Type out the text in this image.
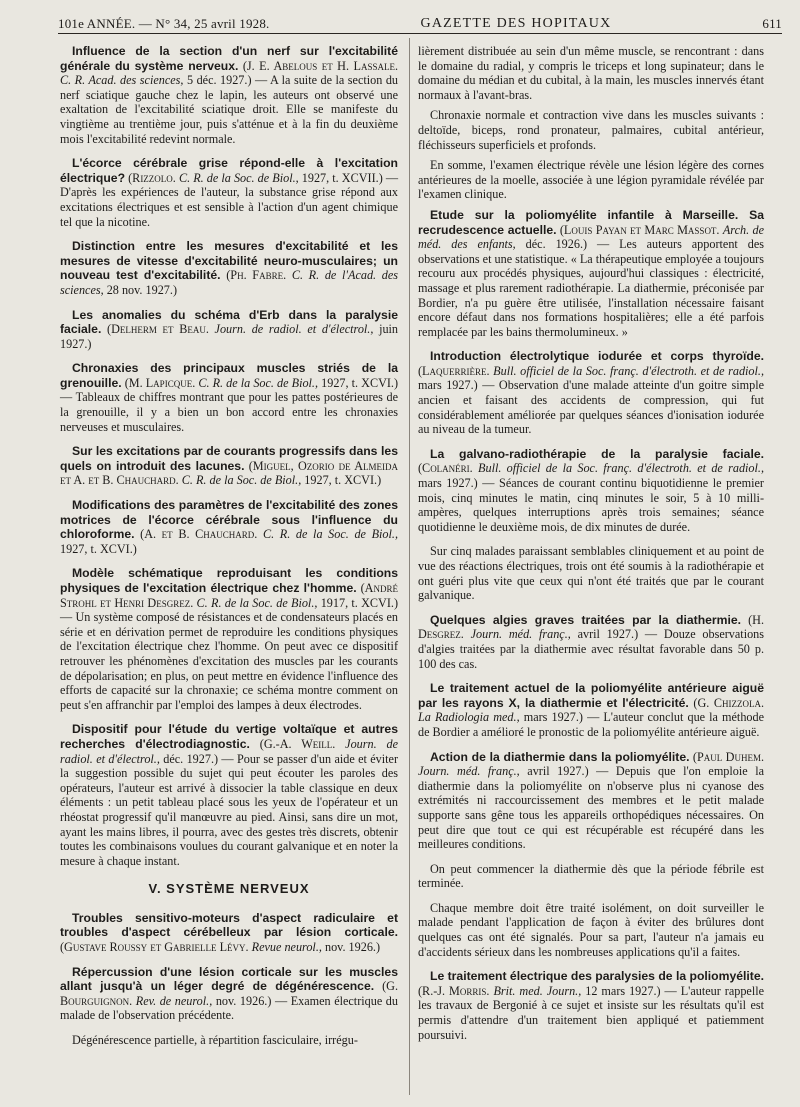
101e ANNÉE. — N° 34, 25 avril 1928.	GAZETTE DES HOPITAUX	611

Influence de la section d'un nerf sur l'excitabilité générale du système nerveux. (J. E. Abelous et H. Lassale. C. R. Acad. des sciences, 5 déc. 1927.) — A la suite de la section du nerf sciatique gauche chez le lapin, les auteurs ont observé une exaltation de l'excitabilité sciatique droit. Elle se manifeste du vingtième au trentième jour, puis s'atténue et à la fin du deuxième mois l'excitabilité redevint normale.

L'écorce cérébrale grise répond-elle à l'excitation électrique? (Rizzolo. C. R. de la Soc. de Biol., 1927, t. XCVII.) — D'après les expériences de l'auteur, la substance grise répond aux excitations électriques et est sensible à l'action d'un agent chimique tel que la nicotine.

Distinction entre les mesures d'excitabilité et les mesures de vitesse d'excitabilité neuro-musculaires; un nouveau test d'excitabilité. (Ph. Fabre. C. R. de l'Acad. des sciences, 28 nov. 1927.)

Les anomalies du schéma d'Erb dans la paralysie faciale. (Delherm et Beau. Journ. de radiol. et d'électrol., juin 1927.)

Chronaxies des principaux muscles striés de la grenouille. (M. Lapicque. C. R. de la Soc. de Biol., 1927, t. XCVI.) — Tableaux de chiffres montrant que pour les pattes postérieures de la grenouille, il y a bien un bon accord entre les chronaxies nerveuses et musculaires.

Sur les excitations par de courants progressifs dans les quels on introduit des lacunes. (Miguel, Ozorio de Almeida et A. et B. Chauchard. C. R. de la Soc. de Biol., 1927, t. XCVI.)

Modifications des paramètres de l'excitabilité des zones motrices de l'écorce cérébrale sous l'influence du chloroforme. (A. et B. Chauchard. C. R. de la Soc. de Biol., 1927, t. XCVI.)

Modèle schématique reproduisant les conditions physiques de l'excitation électrique chez l'homme. (André Strohl et Henri Desgrez. C. R. de la Soc. de Biol., 1917, t. XCVI.) — Un système composé de résistances et de condensateurs placés en série et en dérivation permet de reproduire les conditions physiques de l'excitation électrique chez l'homme. On peut avec ce dispositif retrouver les phénomènes d'excitation des muscles par les courants de dépolarisation; en plus, on peut mettre en évidence l'influence des efforts de capacité sur la chronaxie; ce schéma montre comment on peut s'en affranchir par l'emploi des lampes à deux électrodes.

Dispositif pour l'étude du vertige voltaïque et autres recherches d'électrodiagnostic. (G.-A. Weill. Journ. de radiol. et d'électrol., déc. 1927.) — Pour se passer d'un aide et éviter la suggestion possible du sujet qui peut écouter les paroles des opérateurs, l'auteur est arrivé à dissocier la table classique en deux éléments : un petit tableau placé sous les yeux de l'opérateur et un rhéostat progressif qu'il manœuvre au pied. Ainsi, sans dire un mot, ayant les mains libres, il pourra, avec des gestes très discrets, obtenir toutes les combinaisons voulues du courant galvanique et en noter la mesure à chaque instant.

V. SYSTÈME NERVEUX

Troubles sensitivo-moteurs d'aspect radiculaire et troubles d'aspect cérébelleux par lésion corticale. (Gustave Roussy et Gabrielle Lévy. Revue neurol., nov. 1926.)

Répercussion d'une lésion corticale sur les muscles allant jusqu'à un léger degré de dégénérescence. (G. Bourguignon. Rev. de neurol., nov. 1926.) — Examen électrique du malade de l'observation précédente.

Dégénérescence partielle, à répartition fasciculaire, irrégu-

lièrement distribuée au sein d'un même muscle, se rencontrant : dans le domaine du radial, y compris le triceps et long supinateur; dans le domaine du médian et du cubital, à la main, les muscles innervés étant normaux à l'avant-bras.

Chronaxie normale et contraction vive dans les muscles suivants : deltoïde, biceps, rond pronateur, palmaires, cubital antérieur, fléchisseurs superficiels et profonds.

En somme, l'examen électrique révèle une lésion légère des cornes antérieures de la moelle, associée à une légion pyramidale révélée par l'examen clinique.

Etude sur la poliomyélite infantile à Marseille. Sa recrudescence actuelle. (Louis Payan et Marc Massot. Arch. de méd. des enfants, déc. 1926.) — Les auteurs apportent des observations et une statistique. « La thérapeutique employée a toujours recouru aux procédés physiques, aujourd'hui classiques : électricité, massage et plus rarement radiothérapie. La diathermie, préconisée par Bordier, n'a pu guère être utilisée, l'installation nécessaire faisant encore défaut dans nos formations hospitalières; elle a été parfois remplacée par les bains thermolumineux. »

Introduction électrolytique iodurée et corps thyroïde. (Laquerrière. Bull. officiel de la Soc. franç. d'électroth. et de radiol., mars 1927.) — Observation d'une malade atteinte d'un goitre simple ancien et faisant des accidents de compression, qui fut considérablement améliorée par quelques séances d'ionisation iodurée au niveau de la tumeur.

La galvano-radiothérapie de la paralysie faciale. (Colanéri. Bull. officiel de la Soc. franç. d'électroth. et de radiol., mars 1927.) — Séances de courant continu biquotidienne le premier mois, cinq minutes le matin, cinq minutes le soir, 5 à 10 milli-ampères, quelques interruptions après trois semaines; séance quotidienne le deuxième mois, de dix minutes de durée.

Sur cinq malades paraissant semblables cliniquement et au point de vue des réactions électriques, trois ont été soumis à la radiothérapie et ont guéri plus vite que ceux qui n'ont été traités que par le courant galvanique.

Quelques algies graves traitées par la diathermie. (H. Desgrez. Journ. méd. franç., avril 1927.) — Douze observations d'algies traitées par la diathermie avec résultat favorable dans 50 p. 100 des cas.

Le traitement actuel de la poliomyélite antérieure aiguë par les rayons X, la diathermie et l'électricité. (G. Chizzola. La Radiologia med., mars 1927.) — L'auteur conclut que la méthode de Bordier a amélioré le pronostic de la poliomyélite antérieure aiguë.

Action de la diathermie dans la poliomyélite. (Paul Duhem. Journ. méd. franç., avril 1927.) — Depuis que l'on emploie la diathermie dans la poliomyélite on n'observe plus ni cyanose des extrémités ni raccourcissement des membres et le petit malade supporte sans gêne tous les appareils orthopédiques nécessaires. On peut dire que tout ce qui est récupérable est récupéré dans les meilleures conditions.

On peut commencer la diathermie dès que la période fébrile est terminée.

Chaque membre doit être traité isolément, on doit surveiller le malade pendant l'application de façon à éviter des brûlures dont quelques cas ont été signalés. Pour sa part, l'auteur n'a jamais eu d'accidents sérieux dans les nombreuses applications qu'il a faites.

Le traitement électrique des paralysies de la poliomyélite. (R.-J. Morris. Brit. med. Journ., 12 mars 1927.) — L'auteur rappelle les travaux de Bergonié à ce sujet et insiste sur les résultats qu'il est permis d'attendre d'un traitement bien appliqué et patiemment poursuivi.
